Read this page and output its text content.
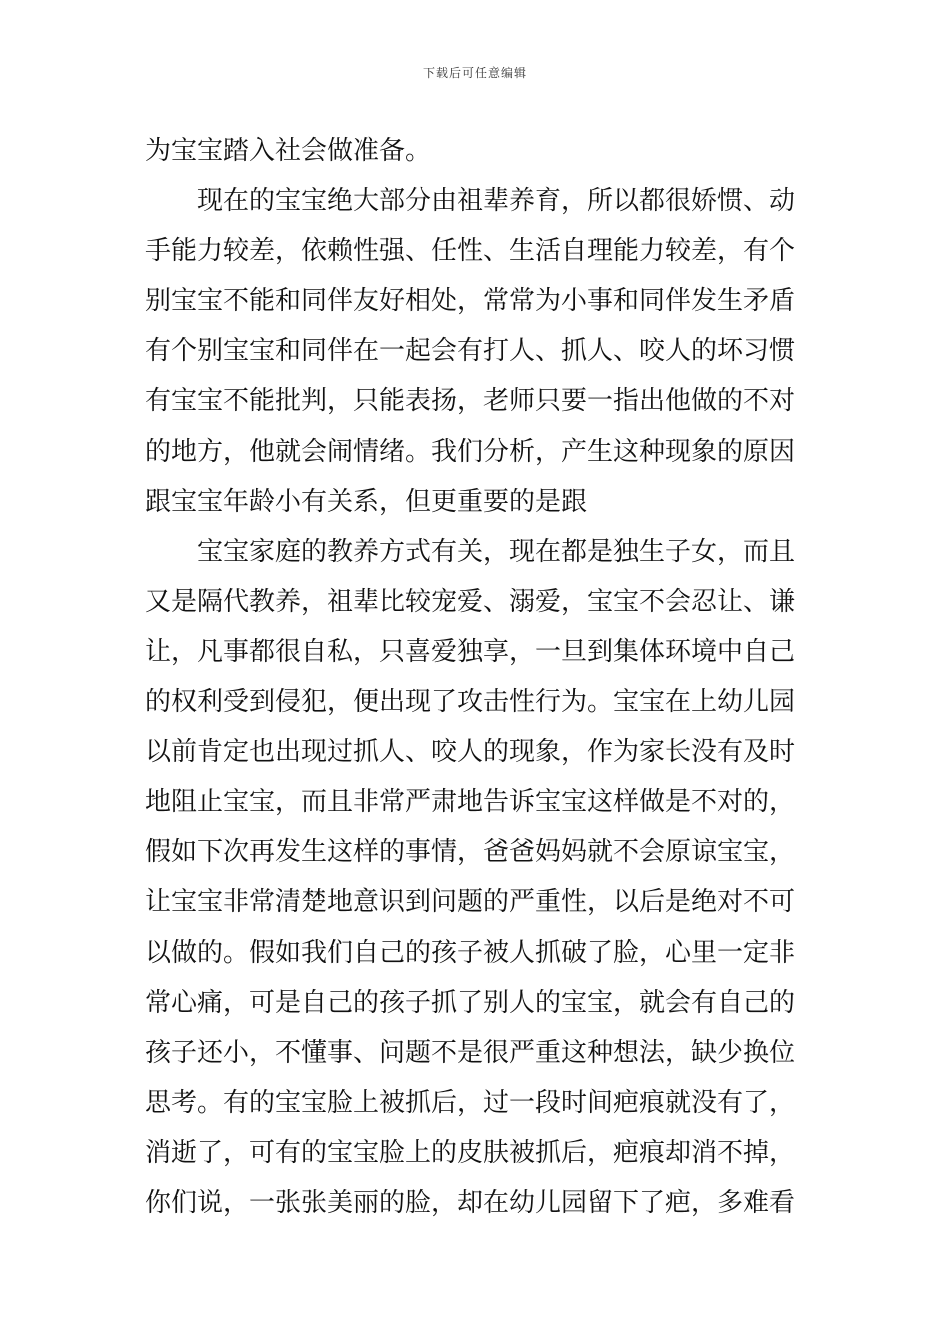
下载后可任意编辑
为宝宝踏入社会做准备。
现在的宝宝绝大部分由祖辈养育，所以都很娇惯、动
手能力较差，依赖性强、任性、生活自理能力较差，有个
别宝宝不能和同伴友好相处，常常为小事和同伴发生矛盾
有个别宝宝和同伴在一起会有打人、抓人、咬人的坏习惯
有宝宝不能批判，只能表扬，老师只要一指出他做的不对
的地方，他就会闹情绪。我们分析，产生这种现象的原因
跟宝宝年龄小有关系，但更重要的是跟
宝宝家庭的教养方式有关，现在都是独生子女，而且
又是隔代教养，祖辈比较宠爱、溺爱，宝宝不会忍让、谦
让，凡事都很自私，只喜爱独享，一旦到集体环境中自己
的权利受到侵犯，便出现了攻击性行为。宝宝在上幼儿园
以前肯定也出现过抓人、咬人的现象，作为家长没有及时
地阻止宝宝，而且非常严肃地告诉宝宝这样做是不对的，
假如下次再发生这样的事情，爸爸妈妈就不会原谅宝宝，
让宝宝非常清楚地意识到问题的严重性，以后是绝对不可
以做的。假如我们自己的孩子被人抓破了脸，心里一定非
常心痛，可是自己的孩子抓了别人的宝宝，就会有自己的
孩子还小，不懂事、问题不是很严重这种想法，缺少换位
思考。有的宝宝脸上被抓后，过一段时间疤痕就没有了，
消逝了，可有的宝宝脸上的皮肤被抓后，疤痕却消不掉，
你们说，一张张美丽的脸，却在幼儿园留下了疤，多难看
